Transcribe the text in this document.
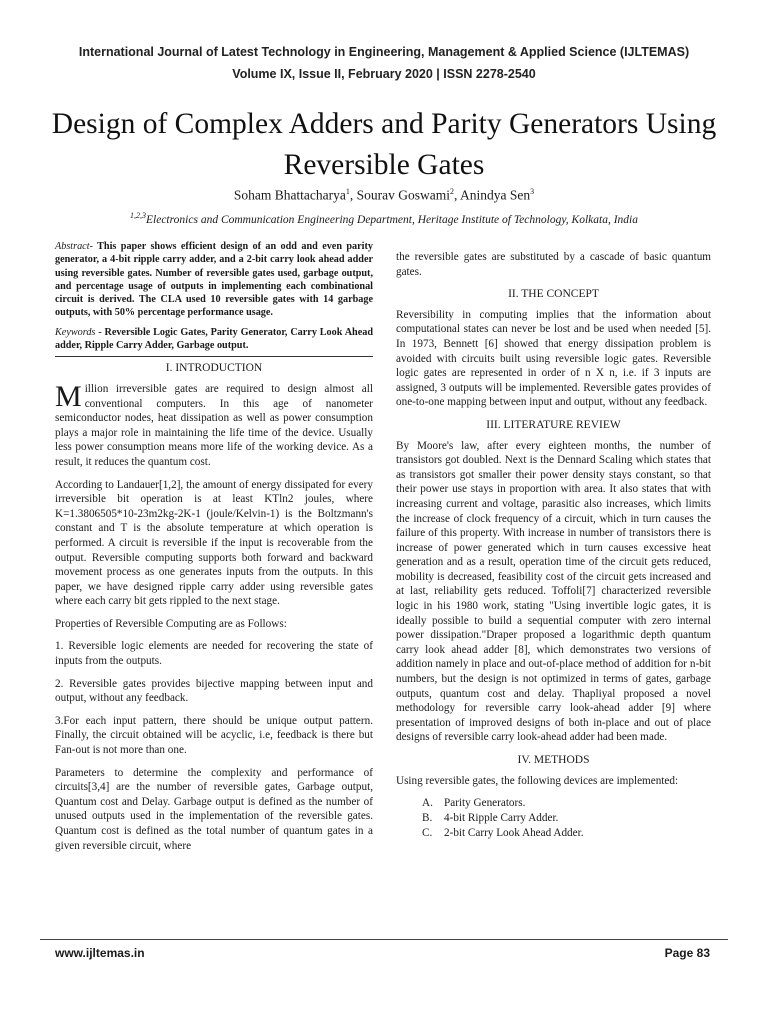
International Journal of Latest Technology in Engineering, Management & Applied Science (IJLTEMAS)
Volume IX, Issue II, February 2020 | ISSN 2278-2540
Design of Complex Adders and Parity Generators Using Reversible Gates
Soham Bhattacharya$^1$, Sourav Goswami$^2$, Anindya Sen$^3$
$^{1,2,3}$Electronics and Communication Engineering Department, Heritage Institute of Technology, Kolkata, India

Abstract- This paper shows efficient design of an odd and even parity generator, a 4-bit ripple carry adder, and a 2-bit carry look ahead adder using reversible gates. Number of reversible gates used, garbage output, and percentage usage of outputs in implementing each combinational circuit is derived. The CLA used 10 reversible gates with 14 garbage outputs, with 50% percentage performance usage.

Keywords - Reversible Logic Gates, Parity Generator, Carry Look Ahead adder, Ripple Carry Adder, Garbage output.

I. INTRODUCTION

Million irreversible gates are required to design almost all conventional computers. In this age of nanometer semiconductor nodes, heat dissipation as well as power consumption plays a major role in maintaining the life time of the device. Usually less power consumption means more life of the working device. As a result, it reduces the quantum cost.

According to Landauer[1,2], the amount of energy dissipated for every irreversible bit operation is at least KTln2 joules, where K=1.3806505*10-23m2kg-2K-1 (joule/Kelvin-1) is the Boltzmann's constant and T is the absolute temperature at which operation is performed. A circuit is reversible if the input is recoverable from the output. Reversible computing supports both forward and backward movement process as one generates inputs from the outputs. In this paper, we have designed ripple carry adder using reversible gates where each carry bit gets rippled to the next stage.

Properties of Reversible Computing are as Follows:

1. Reversible logic elements are needed for recovering the state of inputs from the outputs.

2. Reversible gates provides bijective mapping between input and output, without any feedback.

3.For each input pattern, there should be unique output pattern. Finally, the circuit obtained will be acyclic, i.e, feedback is there but Fan-out is not more than one.

Parameters to determine the complexity and performance of circuits[3,4] are the number of reversible gates, Garbage output, Quantum cost and Delay. Garbage output is defined as the number of unused outputs used in the implementation of the reversible gates. Quantum cost is defined as the total number of quantum gates in a given reversible circuit, where

the reversible gates are substituted by a cascade of basic quantum gates.

II. THE CONCEPT

Reversibility in computing implies that the information about computational states can never be lost and be used when needed [5]. In 1973, Bennett [6] showed that energy dissipation problem is avoided with circuits built using reversible logic gates. Reversible logic gates are represented in order of n X n, i.e. if 3 inputs are assigned, 3 outputs will be implemented. Reversible gates provides of one-to-one mapping between input and output, without any feedback.

III. LITERATURE REVIEW

By Moore's law, after every eighteen months, the number of transistors got doubled. Next is the Dennard Scaling which states that as transistors got smaller their power density stays constant, so that their power use stays in proportion with area. It also states that with increasing current and voltage, parasitic also increases, which limits the increase of clock frequency of a circuit, which in turn causes the failure of this property. With increase in number of transistors there is increase of power generated which in turn causes excessive heat generation and as a result, operation time of the circuit gets reduced, mobility is decreased, feasibility cost of the circuit gets increased and at last, reliability gets reduced. Toffoli[7] characterized reversible logic in his 1980 work, stating "Using invertible logic gates, it is ideally possible to build a sequential computer with zero internal power dissipation."Draper proposed a logarithmic depth quantum carry look ahead adder [8], which demonstrates two versions of addition namely in place and out-of-place method of addition for n-bit numbers, but the design is not optimized in terms of gates, garbage outputs, quantum cost and delay. Thapliyal proposed a novel methodology for reversible carry look-ahead adder [9] where presentation of improved designs of both in-place and out of place designs of reversible carry look-ahead adder had been made.

IV. METHODS

Using reversible gates, the following devices are implemented:

A. Parity Generators.
B.	4-bit Ripple Carry Adder.
C.	2-bit Carry Look Ahead Adder.
www.ijltemas.in	Page 83
